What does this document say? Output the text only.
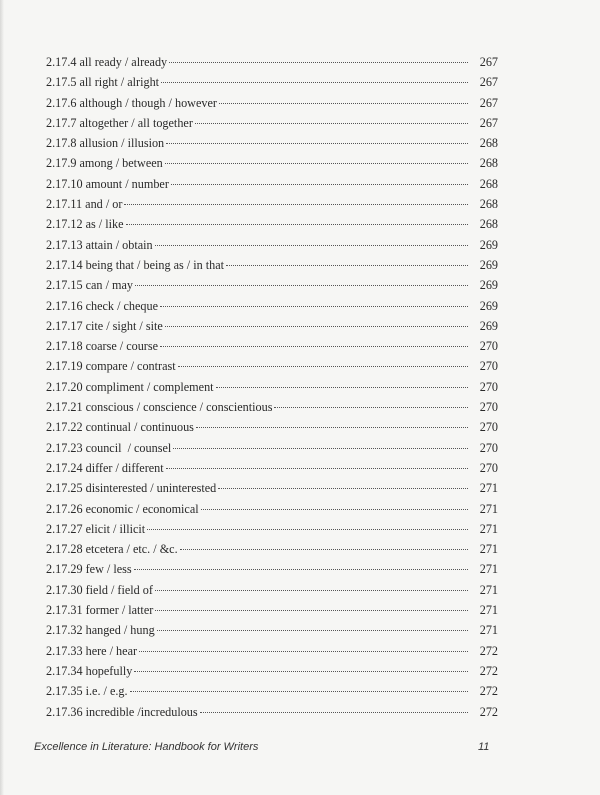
2.17.4 all ready / already	267
2.17.5 all right / alright	267
2.17.6 although / though / however	267
2.17.7 altogether / all together	267
2.17.8 allusion / illusion	268
2.17.9 among / between	268
2.17.10 amount / number	268
2.17.11 and / or	268
2.17.12 as / like	268
2.17.13 attain / obtain	269
2.17.14 being that / being as / in that	269
2.17.15 can / may	269
2.17.16 check / cheque	269
2.17.17 cite / sight / site	269
2.17.18 coarse / course	270
2.17.19 compare / contrast	270
2.17.20 compliment / complement	270
2.17.21 conscious / conscience / conscientious	270
2.17.22 continual / continuous	270
2.17.23 council  / counsel	270
2.17.24 differ / different	270
2.17.25 disinterested / uninterested	271
2.17.26 economic / economical	271
2.17.27 elicit / illicit	271
2.17.28 etcetera / etc. / &c.	271
2.17.29 few / less	271
2.17.30 field / field of	271
2.17.31 former / latter	271
2.17.32 hanged / hung	271
2.17.33 here / hear	272
2.17.34 hopefully	272
2.17.35 i.e. / e.g.	272
2.17.36 incredible /incredulous	272
Excellence in Literature: Handbook for Writers	11
